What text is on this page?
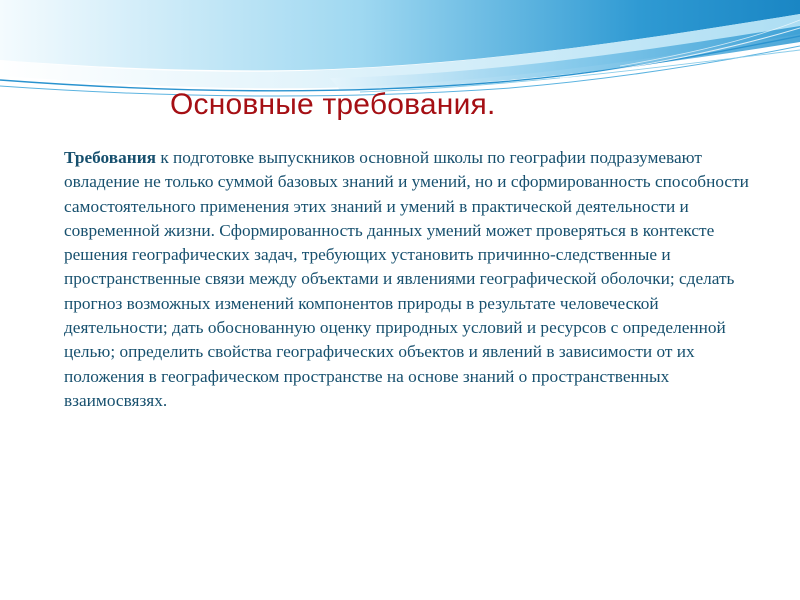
Основные требования.

Требования к подготовке выпускников основной школы по географии подразумевают овладение не только суммой базовых знаний и умений, но и сформированность способности самостоятельного применения этих знаний и умений в практической деятельности и современной жизни. Сформированность данных умений может проверяться в контексте решения географических задач, требующих установить причинно-следственные и пространственные связи между объектами и явлениями географической оболочки; сделать прогноз возможных изменений компонентов природы в результате человеческой деятельности; дать обоснованную оценку природных условий и ресурсов с определенной целью; определить свойства географических объектов и явлений в зависимости от их положения в географическом пространстве на основе знаний о пространственных взаимосвязях.
